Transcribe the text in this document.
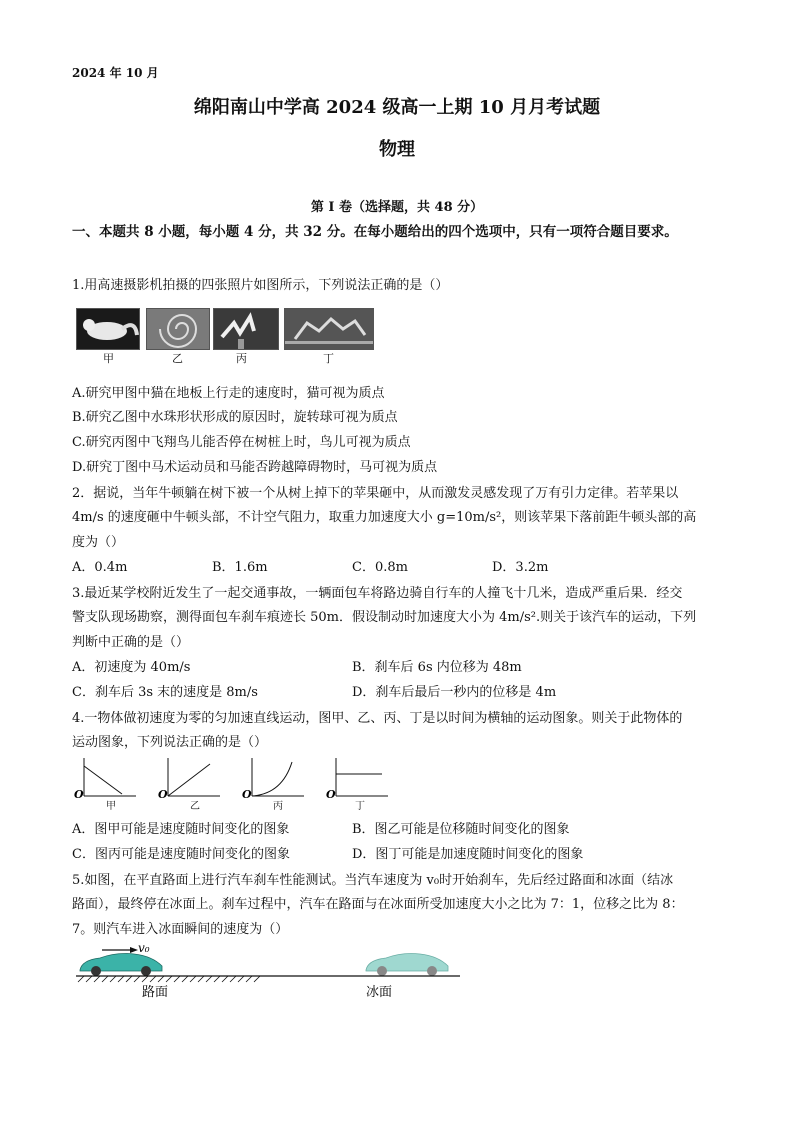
2024 年 10 月
绵阳南山中学高 2024 级高一上期 10 月月考试题
物理
第 I 卷（选择题，共 48 分）
一、本题共 8 小题，每小题 4 分，共 32 分。在每小题给出的四个选项中，只有一项符合题目要求。
1.用高速摄影机拍摄的四张照片如图所示，下列说法正确的是（）
甲	乙	丙	丁
A.研究甲图中猫在地板上行走的速度时，猫可视为质点
B.研究乙图中水珠形状形成的原因时，旋转球可视为质点
C.研究丙图中飞翔鸟儿能否停在树桩上时，鸟儿可视为质点
D.研究丁图中马术运动员和马能否跨越障碍物时，马可视为质点
2．据说，当年牛顿躺在树下被一个从树上掉下的苹果砸中，从而激发灵感发现了万有引力定律。若苹果以
4m/s 的速度砸中牛顿头部，不计空气阻力，取重力加速度大小 g=10m/s²，则该苹果下落前距牛顿头部的高
度为（）
A．0.4m	B．1.6m	C．0.8m	D．3.2m
3.最近某学校附近发生了一起交通事故，一辆面包车将路边骑自行车的人撞飞十几米，造成严重后果．经交
警支队现场勘察，测得面包车刹车痕迹长 50m．假设制动时加速度大小为 4m/s².则关于该汽车的运动，下列
判断中正确的是（）
A．初速度为 40m/s	B．刹车后 6s 内位移为 48m
C．刹车后 3s 末的速度是 8m/s	D．刹车后最后一秒内的位移是 4m
4.一物体做初速度为零的匀加速直线运动，图甲、乙、丙、丁是以时间为横轴的运动图象。则关于此物体的
运动图象，下列说法正确的是（）
O	O	O	O
甲	乙	丙	丁
A．图甲可能是速度随时间变化的图象	B．图乙可能是位移随时间变化的图象
C．图丙可能是速度随时间变化的图象	D．图丁可能是加速度随时间变化的图象
5.如图，在平直路面上进行汽车刹车性能测试。当汽车速度为 v₀时开始刹车，先后经过路面和冰面（结冰
路面），最终停在冰面上。刹车过程中，汽车在路面与在冰面所受加速度大小之比为 7：1，位移之比为 8：
7。则汽车进入冰面瞬间的速度为（）
v₀
路面	冰面
